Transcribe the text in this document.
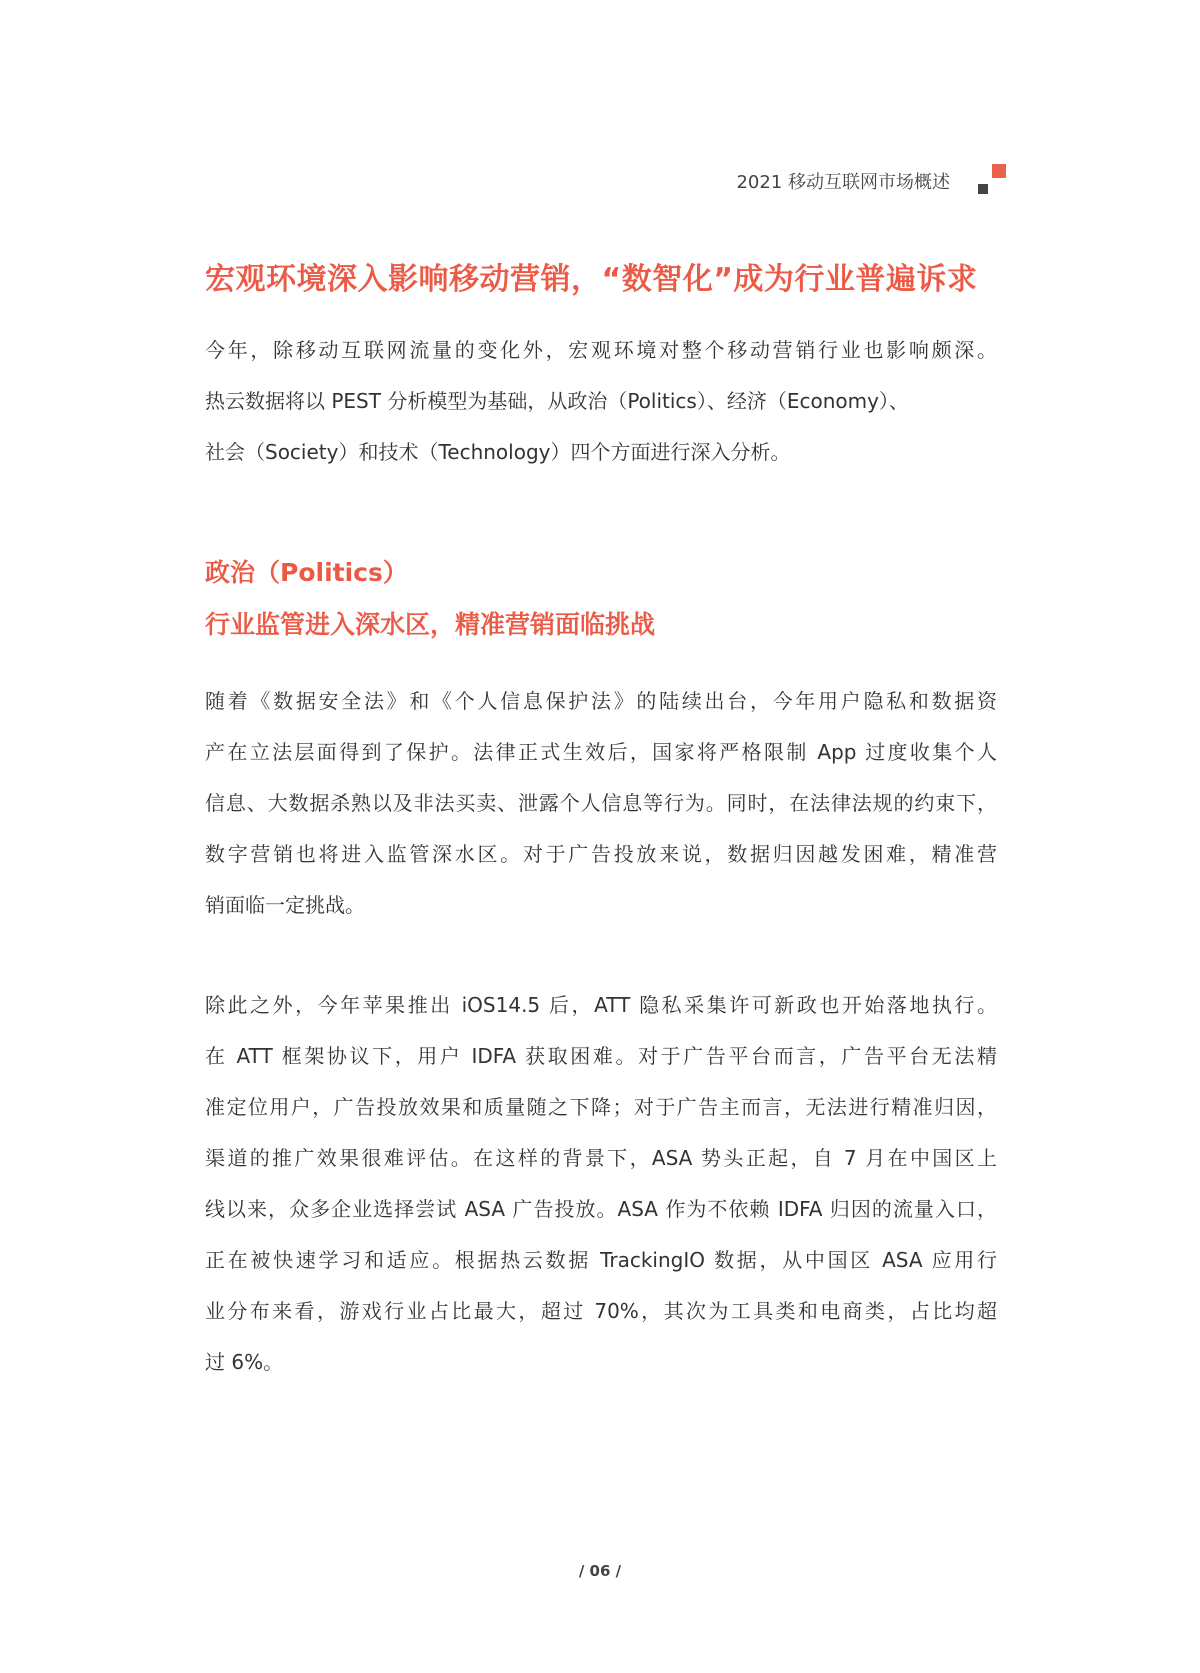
2021 移动互联网市场概述
宏观环境深入影响移动营销，“数智化”成为行业普遍诉求
今年，除移动互联网流量的变化外，宏观环境对整个移动营销行业也影响颇深。
热云数据将以 PEST 分析模型为基础，从政治（Politics）、经济（Economy）、
社会（Society）和技术（Technology）四个方面进行深入分析。
政治（Politics）
行业监管进入深水区，精准营销面临挑战
随着《数据安全法》和《个人信息保护法》的陆续出台，今年用户隐私和数据资
产在立法层面得到了保护。法律正式生效后，国家将严格限制 App 过度收集个人
信息、大数据杀熟以及非法买卖、泄露个人信息等行为。同时，在法律法规的约束下，
数字营销也将进入监管深水区。对于广告投放来说，数据归因越发困难，精准营
销面临一定挑战。
除此之外，今年苹果推出 iOS14.5 后，ATT 隐私采集许可新政也开始落地执行。
在 ATT 框架协议下，用户 IDFA 获取困难。对于广告平台而言，广告平台无法精
准定位用户，广告投放效果和质量随之下降；对于广告主而言，无法进行精准归因，
渠道的推广效果很难评估。在这样的背景下，ASA 势头正起，自 7 月在中国区上
线以来，众多企业选择尝试 ASA 广告投放。ASA 作为不依赖 IDFA 归因的流量入口，
正在被快速学习和适应。根据热云数据 TrackingIO 数据，从中国区 ASA 应用行
业分布来看，游戏行业占比最大，超过 70%，其次为工具类和电商类，占比均超
过 6%。
/ 06 /
